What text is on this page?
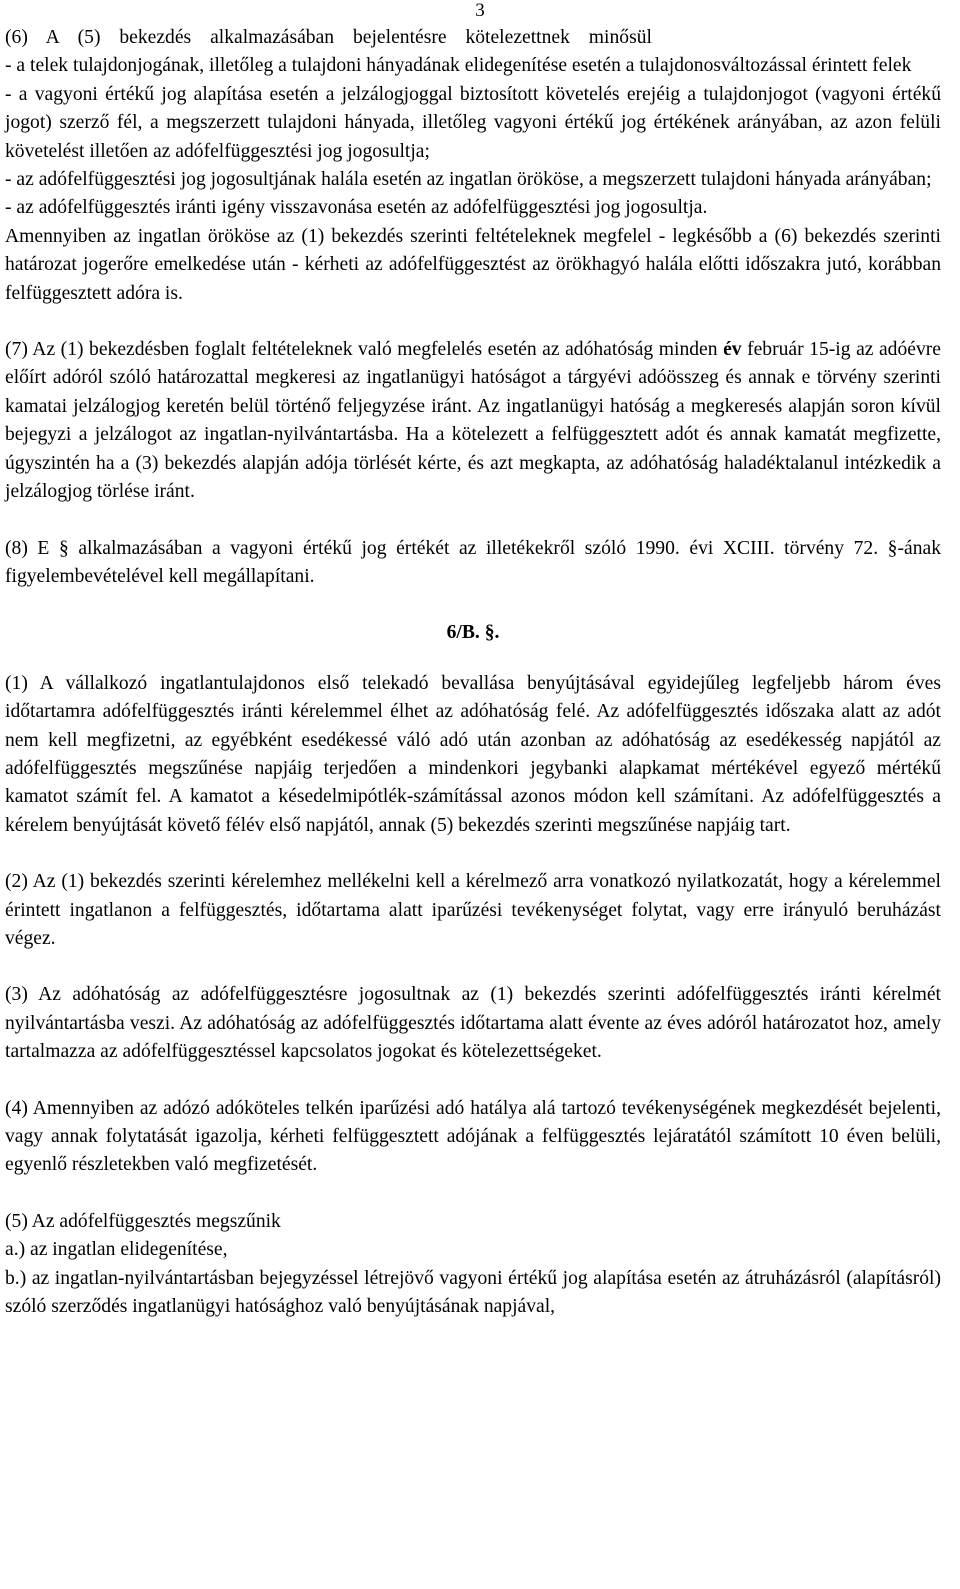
3

(6) A (5) bekezdés alkalmazásában bejelentésre kötelezettnek minősül

- a telek tulajdonjogának, illetőleg a tulajdoni hányadának elidegenítése esetén a tulajdonosváltozással érintett felek

- a vagyoni értékű jog alapítása esetén a jelzálogjoggal biztosított követelés erejéig a tulajdonjogot (vagyoni értékű jogot) szerző fél, a megszerzett tulajdoni hányada, illetőleg vagyoni értékű jog értékének arányában, az azon felüli követelést illetően az adófelfüggesztési jog jogosultja;

- az adófelfüggesztési jog jogosultjának halála esetén az ingatlan örököse, a megszerzett tulajdoni hányada arányában;

- az adófelfüggesztés iránti igény visszavonása esetén az adófelfüggesztési jog jogosultja.

Amennyiben az ingatlan örököse az (1) bekezdés szerinti feltételeknek megfelel - legkésőbb a (6) bekezdés szerinti határozat jogerőre emelkedése után - kérheti az adófelfüggesztést az örökhagyó halála előtti időszakra jutó, korábban felfüggesztett adóra is.

(7) Az (1) bekezdésben foglalt feltételeknek való megfelelés esetén az adóhatóság minden év február 15-ig az adóévre előírt adóról szóló határozattal megkeresi az ingatlanügyi hatóságot a tárgyévi adóösszeg és annak e törvény szerinti kamatai jelzálogjog keretén belül történő feljegyzése iránt. Az ingatlanügyi hatóság a megkeresés alapján soron kívül bejegyzi a jelzálogot az ingatlan-nyilvántartásba. Ha a kötelezett a felfüggesztett adót és annak kamatát megfizette, úgyszintén ha a (3) bekezdés alapján adója törlését kérte, és azt megkapta, az adóhatóság haladéktalanul intézkedik a jelzálogjog törlése iránt.

(8) E § alkalmazásában a vagyoni értékű jog értékét az illetékekről szóló 1990. évi XCIII. törvény 72. §-ának figyelembevételével kell megállapítani.

6/B. §.

(1) A vállalkozó ingatlantulajdonos első telekadó bevallása benyújtásával egyidejűleg legfeljebb három éves időtartamra adófelfüggesztés iránti kérelemmel élhet az adóhatóság felé. Az adófelfüggesztés időszaka alatt az adót nem kell megfizetni, az egyébként esedékessé váló adó után azonban az adóhatóság az esedékesség napjától az adófelfüggesztés megszűnése napjáig terjedően a mindenkori jegybanki alapkamat mértékével egyező mértékű kamatot számít fel. A kamatot a késedelmipótlék-számítással azonos módon kell számítani. Az adófelfüggesztés a kérelem benyújtását követő félév első napjától, annak (5) bekezdés szerinti megszűnése napjáig tart.

(2) Az (1) bekezdés szerinti kérelemhez mellékelni kell a kérelmező arra vonatkozó nyilatkozatát, hogy a kérelemmel érintett ingatlanon a felfüggesztés, időtartama alatt iparűzési tevékenységet folytat, vagy erre irányuló beruházást végez.

(3) Az adóhatóság az adófelfüggesztésre jogosultnak az (1) bekezdés szerinti adófelfüggesztés iránti kérelmét nyilvántartásba veszi. Az adóhatóság az adófelfüggesztés időtartama alatt évente az éves adóról határozatot hoz, amely tartalmazza az adófelfüggesztéssel kapcsolatos jogokat és kötelezettségeket.

(4) Amennyiben az adózó adóköteles telkén iparűzési adó hatálya alá tartozó tevékenységének megkezdését bejelenti, vagy annak folytatását igazolja, kérheti felfüggesztett adójának a felfüggesztés lejáratától számított 10 éven belüli, egyenlő részletekben való megfizetését.

(5) Az adófelfüggesztés megszűnik

a.) az ingatlan elidegenítése,

b.) az ingatlan-nyilvántartásban bejegyzéssel létrejövő vagyoni értékű jog alapítása esetén az átruházásról (alapításról) szóló szerződés ingatlanügyi hatósághoz való benyújtásának napjával,
